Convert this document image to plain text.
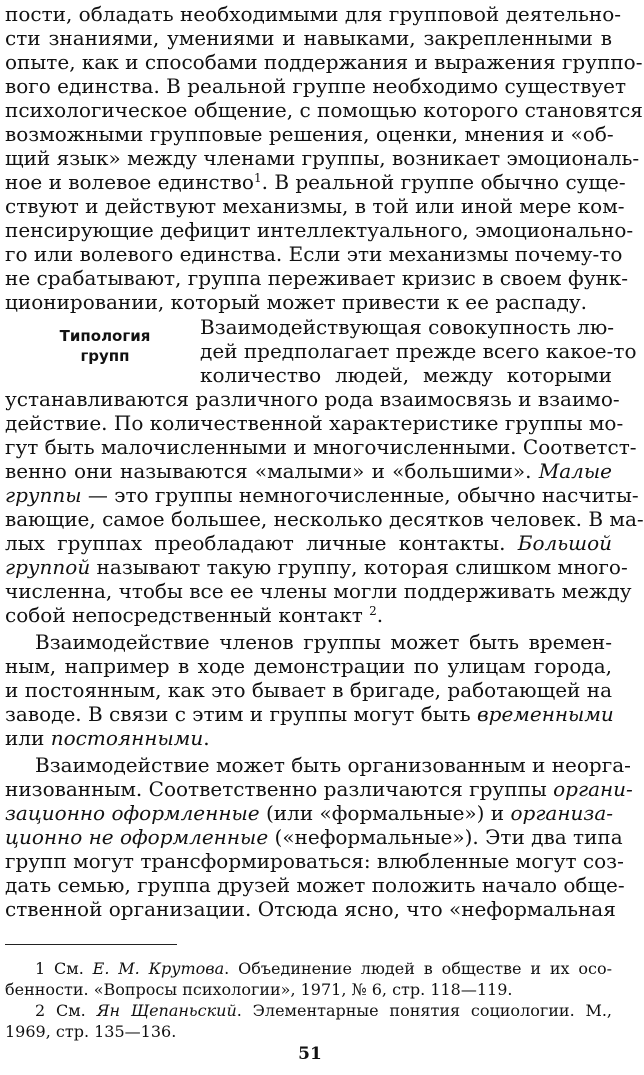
пости, обладать необходимыми для групповой деятельно-
сти знаниями, умениями и навыками, закрепленными в
опыте, как и способами поддержания и выражения группо-
вого единства. В реальной группе необходимо существует
психологическое общение, с помощью которого становятся
возможными групповые решения, оценки, мнения и «об-
щий язык» между членами группы, возникает эмоциональ-
ное и волевое единство$^1$. В реальной группе обычно суще-
ствуют и действуют механизмы, в той или иной мере ком-
пенсирующие дефицит интеллектуального, эмоционально-
го или волевого единства. Если эти механизмы почему-то
не срабатывают, группа переживает кризис в своем функ-
ционировании, который может привести к ее распаду.
Типология
групп
Взаимодействующая совокупность лю-
дей предполагает прежде всего какое-то
количество людей, между которыми
устанавливаются различного рода взаимосвязь и взаимо-
действие. По количественной характеристике группы мо-
гут быть малочисленными и многочисленными. Соответст-
венно они называются «малыми» и «большими». Малые
группы — это группы немногочисленные, обычно насчиты-
вающие, самое большее, несколько десятков человек. В ма-
лых группах преобладают личные контакты. Большой
группой называют такую группу, которая слишком много-
численна, чтобы все ее члены могли поддерживать между
собой непосредственный контакт $^2$.
Взаимодействие членов группы может быть времен-
ным, например в ходе демонстрации по улицам города,
и постоянным, как это бывает в бригаде, работающей на
заводе. В связи с этим и группы могут быть временными
или постоянными.
Взаимодействие может быть организованным и неорга-
низованным. Соответственно различаются группы органи-
зационно оформленные (или «формальные») и организа-
ционно не оформленные («неформальные»). Эти два типа
групп могут трансформироваться: влюбленные могут соз-
дать семью, группа друзей может положить начало обще-
ственной организации. Отсюда ясно, что «неформальная
1 См. Е. М. Крутова. Объединение людей в обществе и их осо-
бенности. «Вопросы психологии», 1971, № 6, стр. 118—119.
2 См. Ян Щепаньский. Элементарные понятия социологии. М.,
1969, стр. 135—136.
51
